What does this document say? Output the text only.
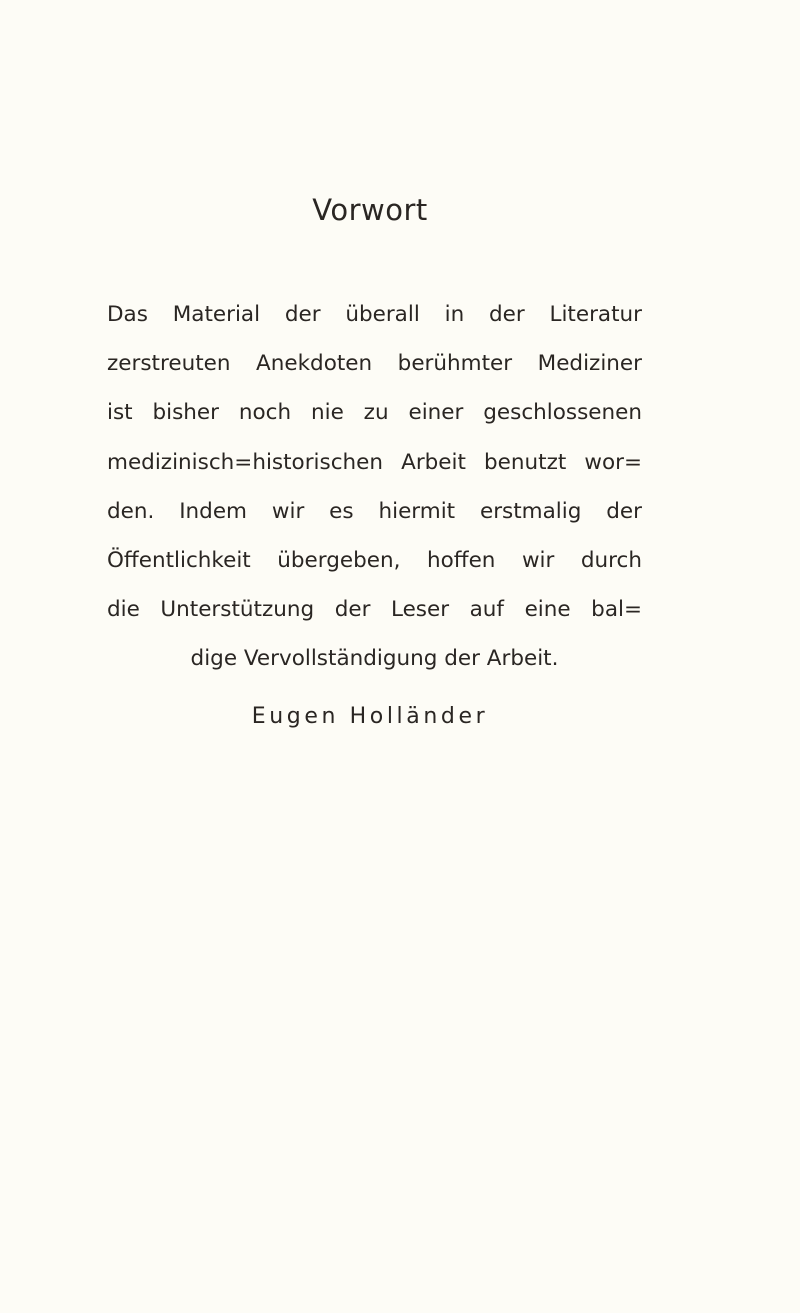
Vorwort
Das Material der überall in der Literatur
zerstreuten Anekdoten berühmter Mediziner
ist bisher noch nie zu einer geschlossenen
medizinisch=historischen Arbeit benutzt wor=
den. Indem wir es hiermit erstmalig der
Öffentlichkeit übergeben, hoffen wir durch
die Unterstützung der Leser auf eine bal=
dige Vervollständigung der Arbeit.
Eugen Holländer
